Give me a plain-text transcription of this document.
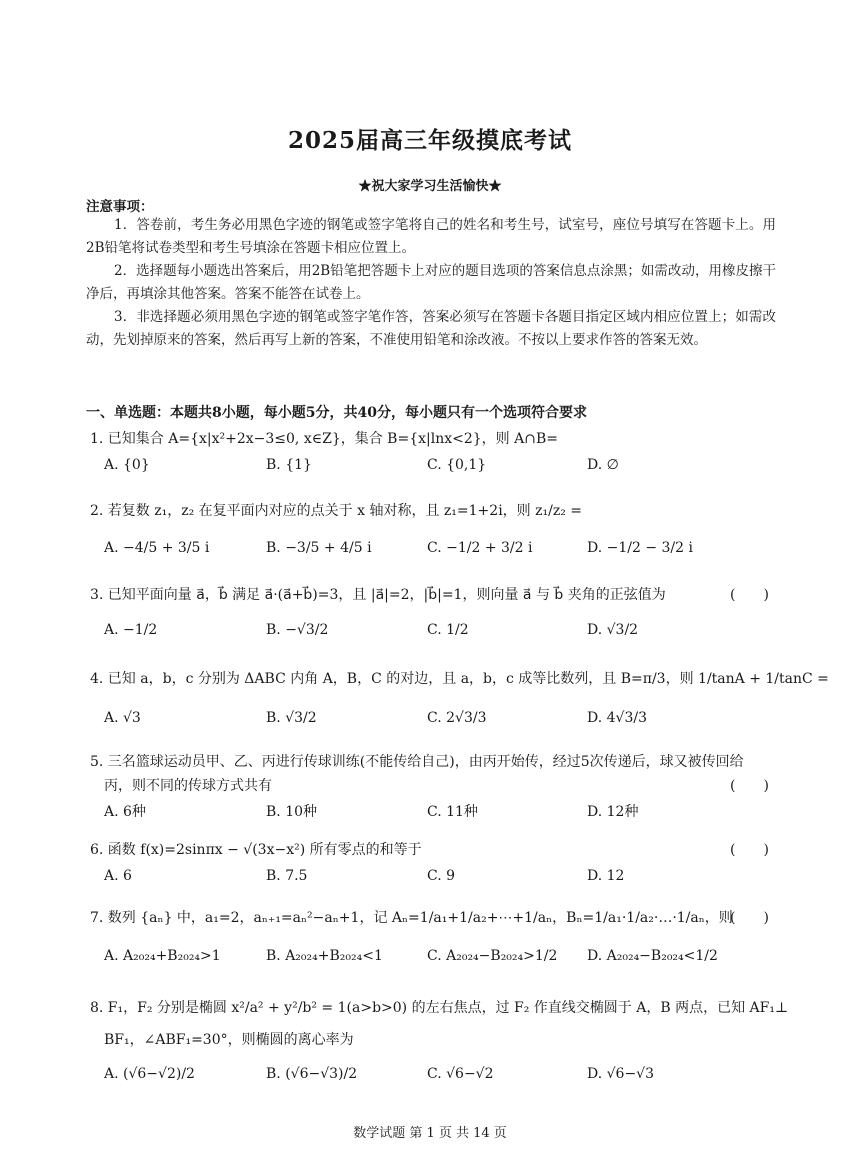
2025届高三年级摸底考试
★祝大家学习生活愉快★
注意事项：
1．答卷前，考生务必用黑色字迹的钢笔或签字笔将自己的姓名和考生号，试室号，座位号填写在答题卡上。用2B铅笔将试卷类型和考生号填涂在答题卡相应位置上。
2．选择题每小题选出答案后，用2B铅笔把答题卡上对应的题目选项的答案信息点涂黑；如需改动，用橡皮擦干净后，再填涂其他答案。答案不能答在试卷上。
3．非选择题必须用黑色字迹的钢笔或签字笔作答，答案必须写在答题卡各题目指定区域内相应位置上；如需改动，先划掉原来的答案，然后再写上新的答案，不准使用铅笔和涂改液。不按以上要求作答的答案无效。
一、单选题：本题共8小题，每小题5分，共40分，每小题只有一个选项符合要求
1. 已知集合 A={x|x²+2x−3≤0, x∈Z}，集合 B={x|lnx<2}，则 A∩B=
A. {0}	B. {1}	C. {0,1}	D. ∅
2. 若复数 z₁，z₂ 在复平面内对应的点关于 x 轴对称，且 z₁=1+2i，则 z₁/z₂ =
A. −4/5 + 3/5 i	B. −3/5 + 4/5 i	C. −1/2 + 3/2 i	D. −1/2 − 3/2 i
3. 已知平面向量 a⃗，b⃗ 满足 a⃗·(a⃗+b⃗)=3，且 |a⃗|=2，|b⃗|=1，则向量 a⃗ 与 b⃗ 夹角的正弦值为	(　　)
A. −1/2	B. −√3/2	C. 1/2	D. √3/2
4. 已知 a，b，c 分别为 ΔABC 内角 A，B，C 的对边，且 a，b，c 成等比数列，且 B=π/3，则 1/tanA + 1/tanC =
A. √3	B. √3/2	C. 2√3/3	D. 4√3/3
5. 三名篮球运动员甲、乙、丙进行传球训练(不能传给自己)，由丙开始传，经过5次传递后，球又被传回给
丙，则不同的传球方式共有	(　　)
A. 6种	B. 10种	C. 11种	D. 12种
6. 函数 f(x)=2sinπx − √(3x−x²) 所有零点的和等于	(　　)
A. 6	B. 7.5	C. 9	D. 12
7. 数列 {aₙ} 中，a₁=2，aₙ₊₁=aₙ²−aₙ+1，记 Aₙ=1/a₁+1/a₂+⋯+1/aₙ，Bₙ=1/a₁·1/a₂·…·1/aₙ，则
(　　)
A. A₂₀₂₄+B₂₀₂₄>1	B. A₂₀₂₄+B₂₀₂₄<1	C. A₂₀₂₄−B₂₀₂₄>1/2 D. A₂₀₂₄−B₂₀₂₄<1/2
8. F₁，F₂ 分别是椭圆 x²/a² + y²/b² = 1(a>b>0) 的左右焦点，过 F₂ 作直线交椭圆于 A，B 两点，已知 AF₁⊥
BF₁，∠ABF₁=30°，则椭圆的离心率为
A. (√6−√2)/2	B. (√6−√3)/2	C. √6−√2	D. √6−√3
数学试题 第 1 页 共 14 页
